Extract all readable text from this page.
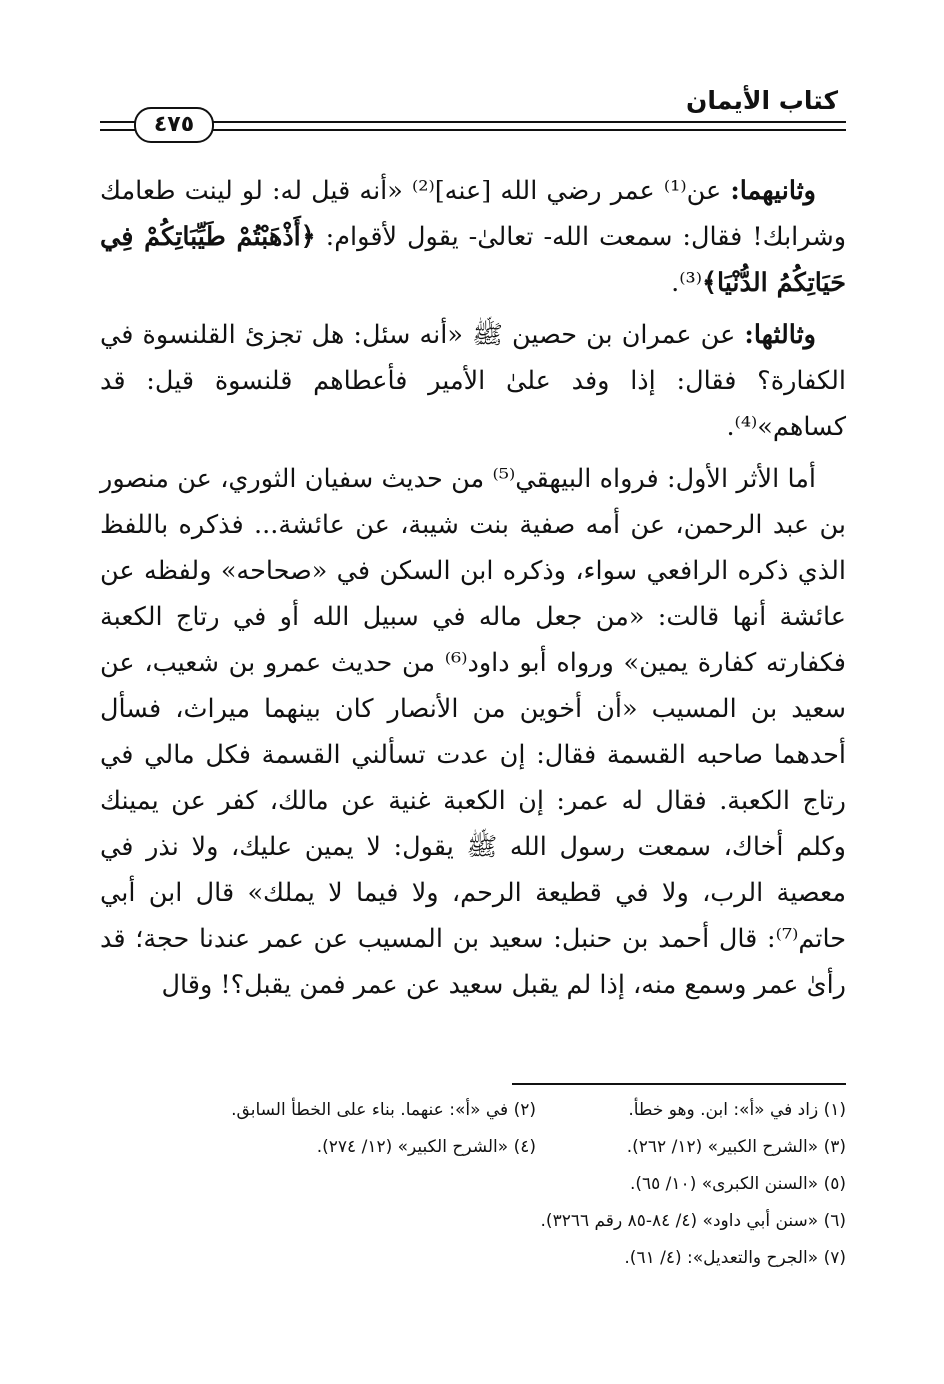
كتاب الأيمان
٤٧٥

وثانيهما: عن⁽¹⁾ عمر رضي الله [عنه]⁽²⁾ «أنه قيل له: لو لينت طعامك وشرابك! فقال: سمعت الله- تعالىٰ- يقول لأقوام: ﴿أَذْهَبْتُمْ طَيِّبَاتِكُمْ فِي حَيَاتِكُمُ الدُّنْيَا﴾⁽³⁾.

وثالثها: عن عمران بن حصين ﷺ «أنه سئل: هل تجزئ القلنسوة في الكفارة؟ فقال: إذا وفد علىٰ الأمير فأعطاهم قلنسوة قيل: قد كساهم»⁽⁴⁾.

أما الأثر الأول: فرواه البيهقي⁽⁵⁾ من حديث سفيان الثوري، عن منصور بن عبد الرحمن، عن أمه صفية بنت شيبة، عن عائشة... فذكره باللفظ الذي ذكره الرافعي سواء، وذكره ابن السكن في «صحاحه» ولفظه عن عائشة أنها قالت: «من جعل ماله في سبيل الله أو في رتاج الكعبة فكفارته كفارة يمين» ورواه أبو داود⁽⁶⁾ من حديث عمرو بن شعيب، عن سعيد بن المسيب «أن أخوين من الأنصار كان بينهما ميراث، فسأل أحدهما صاحبه القسمة فقال: إن عدت تسألني القسمة فكل مالي في رتاج الكعبة. فقال له عمر: إن الكعبة غنية عن مالك، كفر عن يمينك وكلم أخاك، سمعت رسول الله ﷺ يقول: لا يمين عليك، ولا نذر في معصية الرب، ولا في قطيعة الرحم، ولا فيما لا يملك» قال ابن أبي حاتم⁽⁷⁾: قال أحمد بن حنبل: سعيد بن المسيب عن عمر عندنا حجة؛ قد رأىٰ عمر وسمع منه، إذا لم يقبل سعيد عن عمر فمن يقبل؟! وقال

(١) زاد في «أ»: ابن. وهو خطأ.
(٢) في «أ»: عنهما. بناء على الخطأ السابق.
(٣) «الشرح الكبير» (١٢/ ٢٦٢).
(٤) «الشرح الكبير» (١٢/ ٢٧٤).
(٥) «السنن الكبرى» (١٠/ ٦٥).
(٦) «سنن أبي داود» (٤/ ٨٤-٨٥ رقم ٣٢٦٦).
(٧) «الجرح والتعديل»: (٤/ ٦١).
